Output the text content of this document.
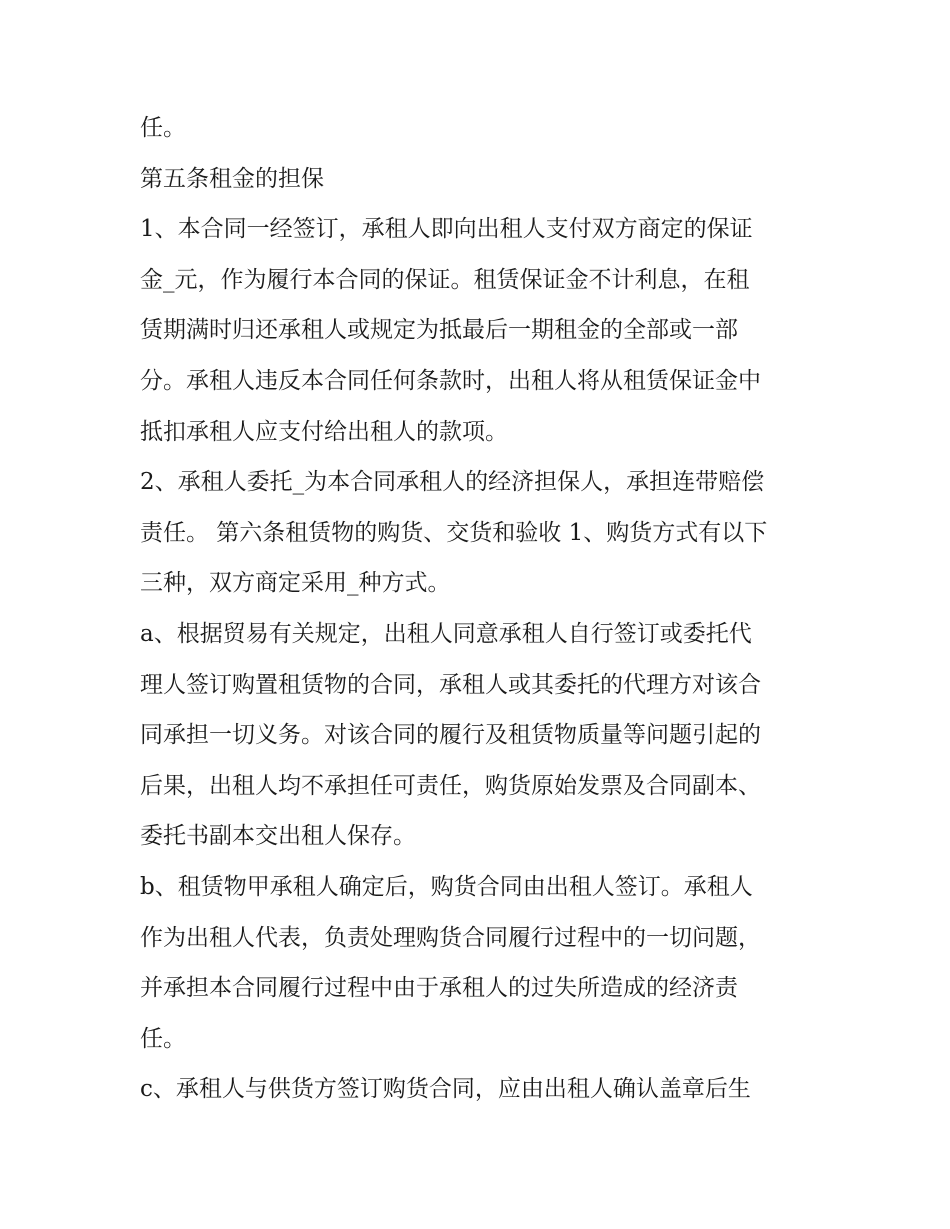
任。
第五条租金的担保
1、本合同一经签订，承租人即向出租人支付双方商定的保证
金_元，作为履行本合同的保证。租赁保证金不计利息，在租
赁期满时归还承租人或规定为抵最后一期租金的全部或一部
分。承租人违反本合同任何条款时，出租人将从租赁保证金中
抵扣承租人应支付给出租人的款项。
2、承租人委托_为本合同承租人的经济担保人，承担连带赔偿
责任。 第六条租赁物的购货、交货和验收 1、购货方式有以下
三种，双方商定采用_种方式。
a、根据贸易有关规定，出租人同意承租人自行签订或委托代
理人签订购置租赁物的合同，承租人或其委托的代理方对该合
同承担一切义务。对该合同的履行及租赁物质量等问题引起的
后果，出租人均不承担任可责任，购货原始发票及合同副本、
委托书副本交出租人保存。
b、租赁物甲承租人确定后，购货合同由出租人签订。承租人
作为出租人代表，负责处理购货合同履行过程中的一切问题，
并承担本合同履行过程中由于承租人的过失所造成的经济责
任。
c、承租人与供货方签订购货合同，应由出租人确认盖章后生
